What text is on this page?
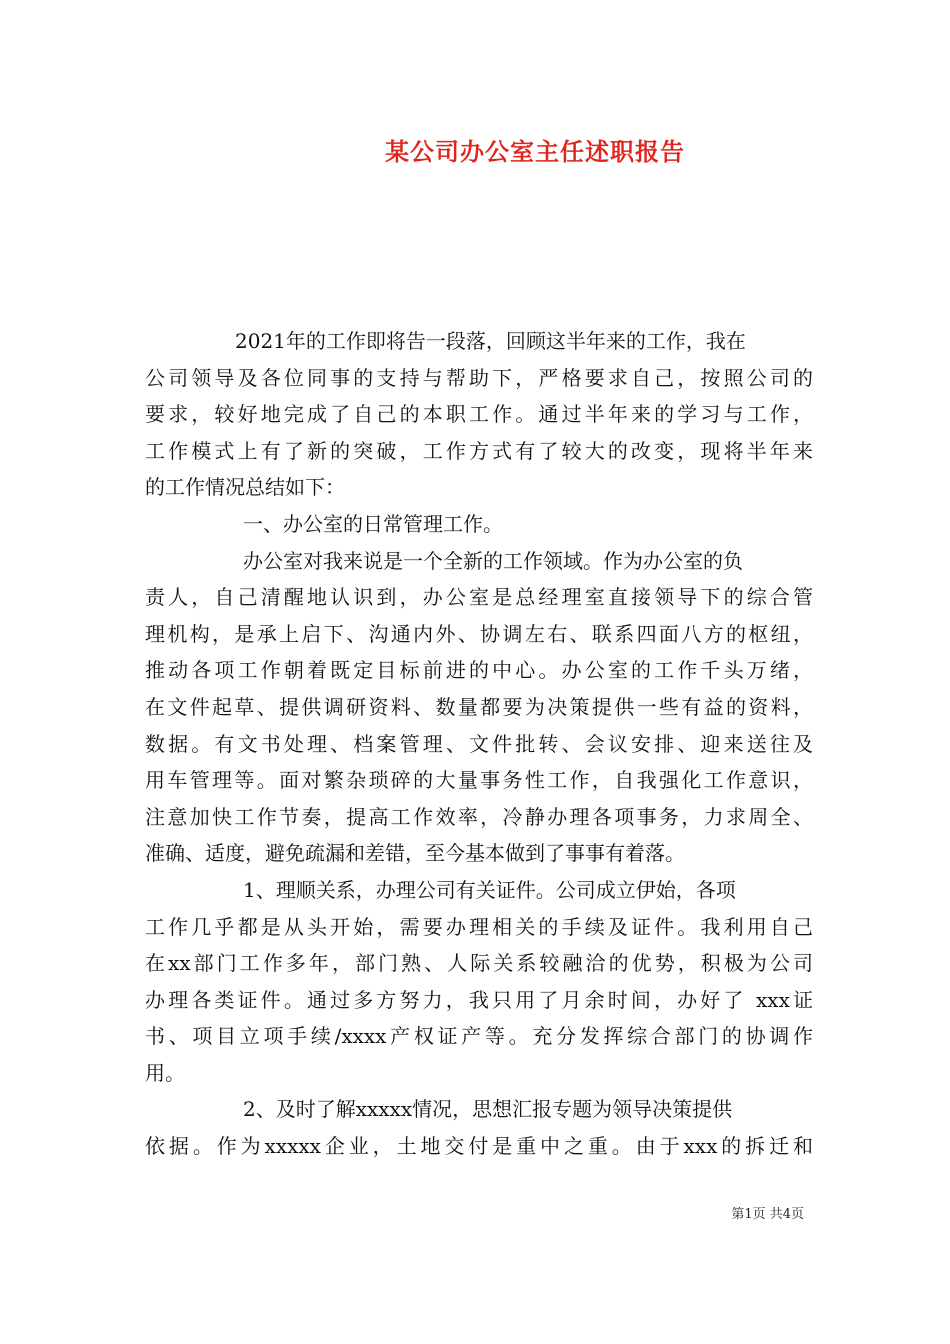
某公司办公室主任述职报告
2021年的工作即将告一段落，回顾这半年来的工作，我在
公司领导及各位同事的支持与帮助下，严格要求自己，按照公司的
要求，较好地完成了自己的本职工作。通过半年来的学习与工作，
工作模式上有了新的突破，工作方式有了较大的改变，现将半年来
的工作情况总结如下：
一、办公室的日常管理工作。
办公室对我来说是一个全新的工作领域。作为办公室的负
责人，自己清醒地认识到，办公室是总经理室直接领导下的综合管
理机构，是承上启下、沟通内外、协调左右、联系四面八方的枢纽，
推动各项工作朝着既定目标前进的中心。办公室的工作千头万绪，
在文件起草、提供调研资料、数量都要为决策提供一些有益的资料，
数据。有文书处理、档案管理、文件批转、会议安排、迎来送往及
用车管理等。面对繁杂琐碎的大量事务性工作，自我强化工作意识，
注意加快工作节奏，提高工作效率，冷静办理各项事务，力求周全、
准确、适度，避免疏漏和差错，至今基本做到了事事有着落。
1、理顺关系，办理公司有关证件。公司成立伊始，各项
工作几乎都是从头开始，需要办理相关的手续及证件。我利用自己
在xx部门工作多年，部门熟、人际关系较融洽的优势，积极为公司
办理各类证件。通过多方努力，我只用了月余时间，办好了 xxx证
书、项目立项手续/xxxx产权证产等。充分发挥综合部门的协调作
用。
2、及时了解xxxxx情况，思想汇报专题为领导决策提供
依据。作为xxxxx企业，土地交付是重中之重。由于xxx的拆迁和
第1页 共4页
